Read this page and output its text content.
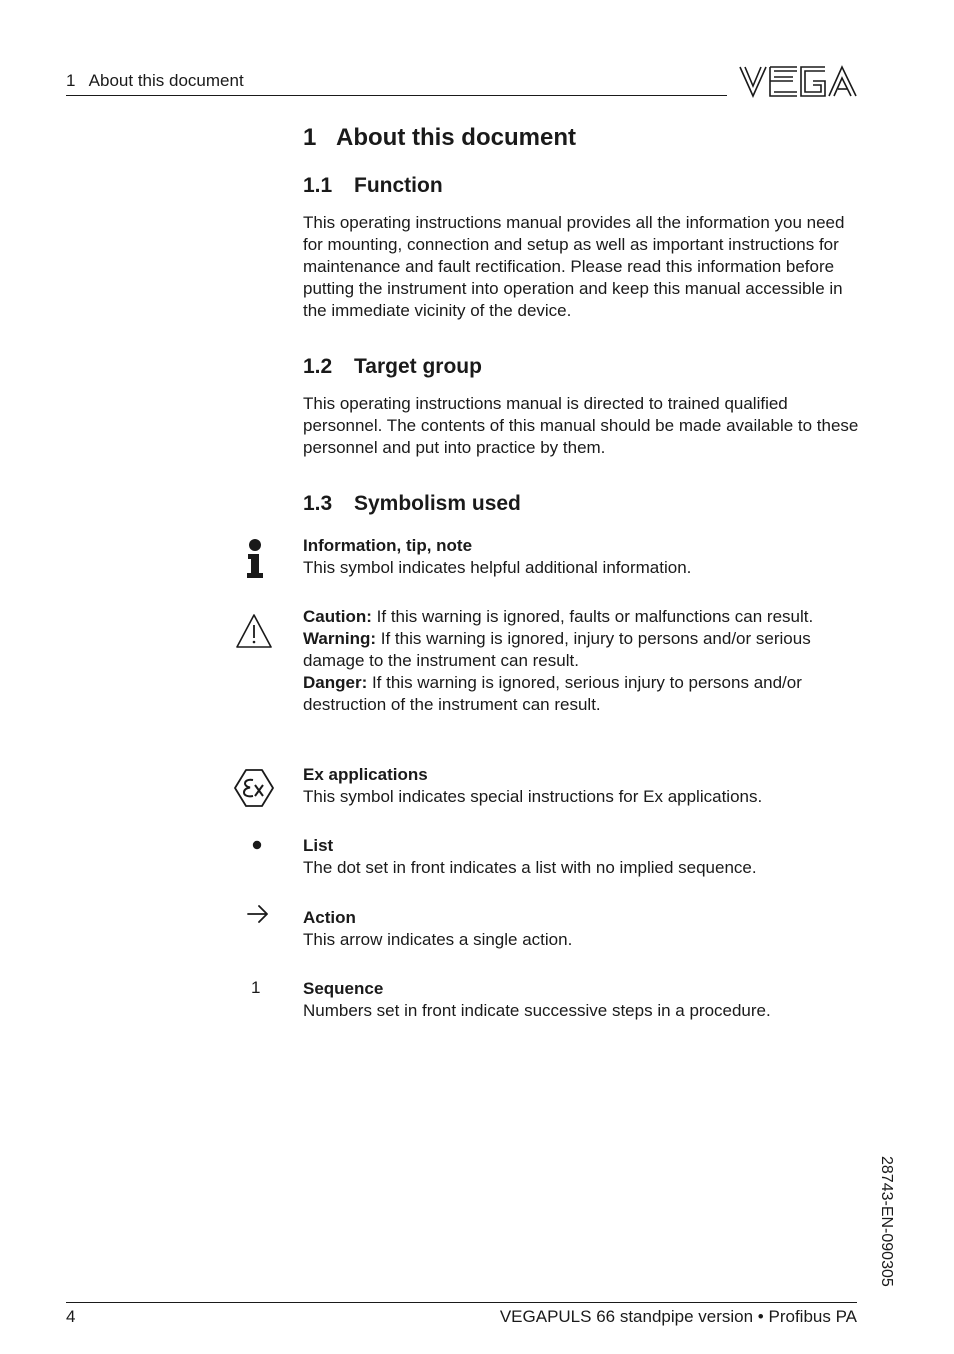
1   About this document
1 About this document
1.1 Function

This operating instructions manual provides all the information you need for mounting, connection and setup as well as important instructions for maintenance and fault rectification. Please read this information before putting the instrument into operation and keep this manual accessible in the immediate vicinity of the device.

1.2 Target group

This operating instructions manual is directed to trained qualified personnel. The contents of this manual should be made available to these personnel and put into practice by them.

1.3 Symbolism used
Information, tip, note
This symbol indicates helpful additional information.
Caution: If this warning is ignored, faults or malfunctions can result.
Warning: If this warning is ignored, injury to persons and/or serious damage to the instrument can result.
Danger: If this warning is ignored, serious injury to persons and/or destruction of the instrument can result.
Ex applications
This symbol indicates special instructions for Ex applications.
List
The dot set in front indicates a list with no implied sequence.
Action
This arrow indicates a single action.
1	Sequence
Numbers set in front indicate successive steps in a procedure.
28743-EN-090305
4	VEGAPULS 66 standpipe version • Profibus PA
